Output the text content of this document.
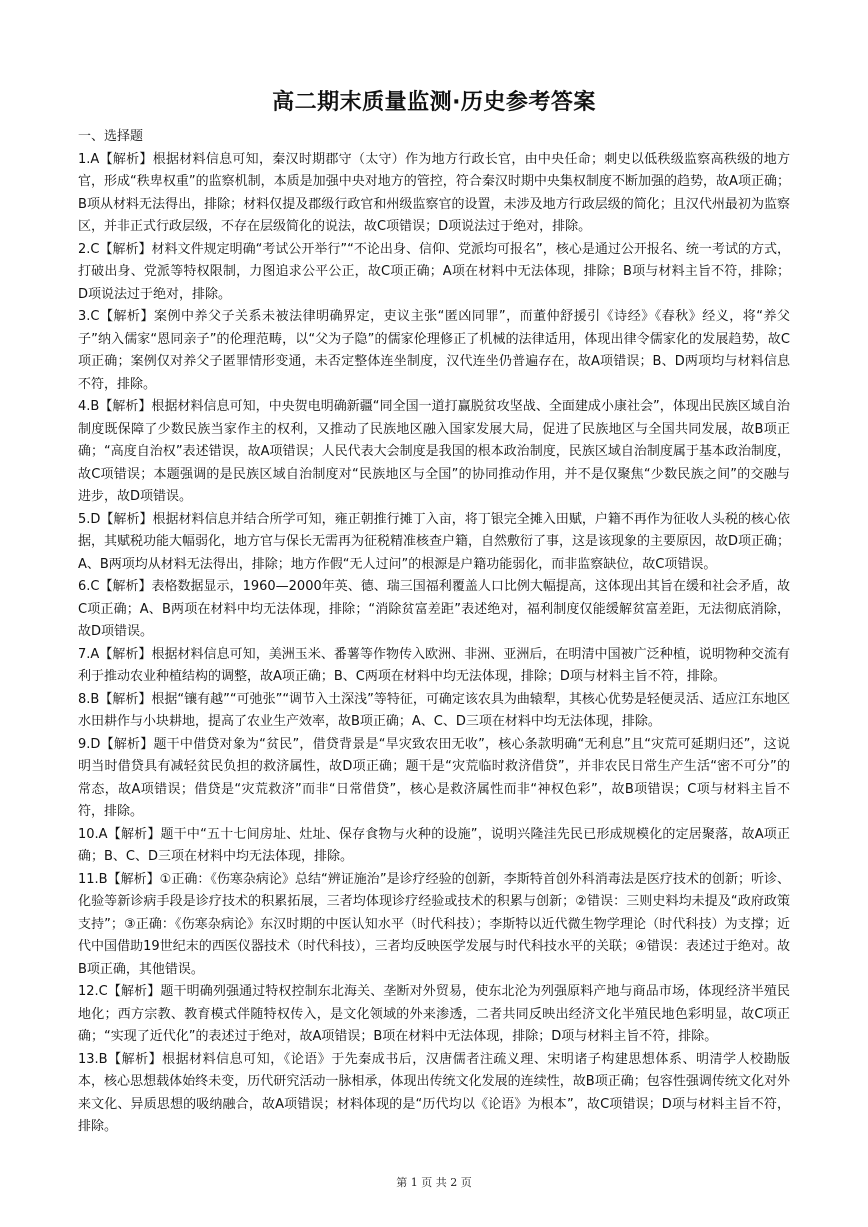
高二期末质量监测·历史参考答案

一、选择题

1.A【解析】根据材料信息可知，秦汉时期郡守（太守）作为地方行政长官，由中央任命；刺史以低秩级监察高秩级的地方官，形成“秩卑权重”的监察机制，本质是加强中央对地方的管控，符合秦汉时期中央集权制度不断加强的趋势，故A项正确；B项从材料无法得出，排除；材料仅提及郡级行政官和州级监察官的设置，未涉及地方行政层级的简化；且汉代州最初为监察区，并非正式行政层级，不存在层级简化的说法，故C项错误；D项说法过于绝对，排除。

2.C【解析】材料文件规定明确“考试公开举行”“不论出身、信仰、党派均可报名”，核心是通过公开报名、统一考试的方式，打破出身、党派等特权限制，力图追求公平公正，故C项正确；A项在材料中无法体现，排除；B项与材料主旨不符，排除；D项说法过于绝对，排除。

3.C【解析】案例中养父子关系未被法律明确界定，吏议主张“匿凶同罪”，而董仲舒援引《诗经》《春秋》经义，将“养父子”纳入儒家“恩同亲子”的伦理范畴，以“父为子隐”的儒家伦理修正了机械的法律适用，体现出律令儒家化的发展趋势，故C项正确；案例仅对养父子匿罪情形变通，未否定整体连坐制度，汉代连坐仍普遍存在，故A项错误；B、D两项均与材料信息不符，排除。

4.B【解析】根据材料信息可知，中央贺电明确新疆“同全国一道打赢脱贫攻坚战、全面建成小康社会”，体现出民族区域自治制度既保障了少数民族当家作主的权利，又推动了民族地区融入国家发展大局，促进了民族地区与全国共同发展，故B项正确；“高度自治权”表述错误，故A项错误；人民代表大会制度是我国的根本政治制度，民族区域自治制度属于基本政治制度，故C项错误；本题强调的是民族区域自治制度对“民族地区与全国”的协同推动作用，并不是仅聚焦“少数民族之间”的交融与进步，故D项错误。

5.D【解析】根据材料信息并结合所学可知，雍正朝推行摊丁入亩，将丁银完全摊入田赋，户籍不再作为征收人头税的核心依据，其赋税功能大幅弱化，地方官与保长无需再为征税精准核查户籍，自然敷衍了事，这是该现象的主要原因，故D项正确；A、B两项均从材料无法得出，排除；地方作假“无人过问”的根源是户籍功能弱化，而非监察缺位，故C项错误。

6.C【解析】表格数据显示，1960—2000年英、德、瑞三国福利覆盖人口比例大幅提高，这体现出其旨在缓和社会矛盾，故C项正确；A、B两项在材料中均无法体现，排除；“消除贫富差距”表述绝对，福利制度仅能缓解贫富差距，无法彻底消除，故D项错误。

7.A【解析】根据材料信息可知，美洲玉米、番薯等作物传入欧洲、非洲、亚洲后，在明清中国被广泛种植，说明物种交流有利于推动农业种植结构的调整，故A项正确；B、C两项在材料中均无法体现，排除；D项与材料主旨不符，排除。

8.B【解析】根据“镶有越”“可弛张”“调节入土深浅”等特征，可确定该农具为曲辕犁，其核心优势是轻便灵活、适应江东地区水田耕作与小块耕地，提高了农业生产效率，故B项正确；A、C、D三项在材料中均无法体现，排除。

9.D【解析】题干中借贷对象为“贫民”，借贷背景是“旱灾致农田无收”，核心条款明确“无利息”且“灾荒可延期归还”，这说明当时借贷具有减轻贫民负担的救济属性，故D项正确；题干是“灾荒临时救济借贷”，并非农民日常生产生活“密不可分”的常态，故A项错误；借贷是“灾荒救济”而非“日常借贷”，核心是救济属性而非“神权色彩”，故B项错误；C项与材料主旨不符，排除。

10.A【解析】题干中“五十七间房址、灶址、保存食物与火种的设施”，说明兴隆洼先民已形成规模化的定居聚落，故A项正确；B、C、D三项在材料中均无法体现，排除。

11.B【解析】①正确：《伤寒杂病论》总结“辨证施治”是诊疗经验的创新，李斯特首创外科消毒法是医疗技术的创新；听诊、化验等新诊病手段是诊疗技术的积累拓展，三者均体现诊疗经验或技术的积累与创新；②错误：三则史料均未提及“政府政策支持”；③正确：《伤寒杂病论》东汉时期的中医认知水平（时代科技）；李斯特以近代微生物学理论（时代科技）为支撑；近代中国借助19世纪末的西医仪器技术（时代科技），三者均反映医学发展与时代科技水平的关联；④错误：表述过于绝对。故B项正确，其他错误。

12.C【解析】题干明确列强通过特权控制东北海关、垄断对外贸易，使东北沦为列强原料产地与商品市场，体现经济半殖民地化；西方宗教、教育模式伴随特权传入，是文化领域的外来渗透，二者共同反映出经济文化半殖民地色彩明显，故C项正确；“实现了近代化”的表述过于绝对，故A项错误；B项在材料中无法体现，排除；D项与材料主旨不符，排除。

13.B【解析】根据材料信息可知，《论语》于先秦成书后，汉唐儒者注疏义理、宋明诸子构建思想体系、明清学人校勘版本，核心思想载体始终未变，历代研究活动一脉相承，体现出传统文化发展的连续性，故B项正确；包容性强调传统文化对外来文化、异质思想的吸纳融合，故A项错误；材料体现的是“历代均以《论语》为根本”，故C项错误；D项与材料主旨不符，排除。

第 1 页 共 2 页
